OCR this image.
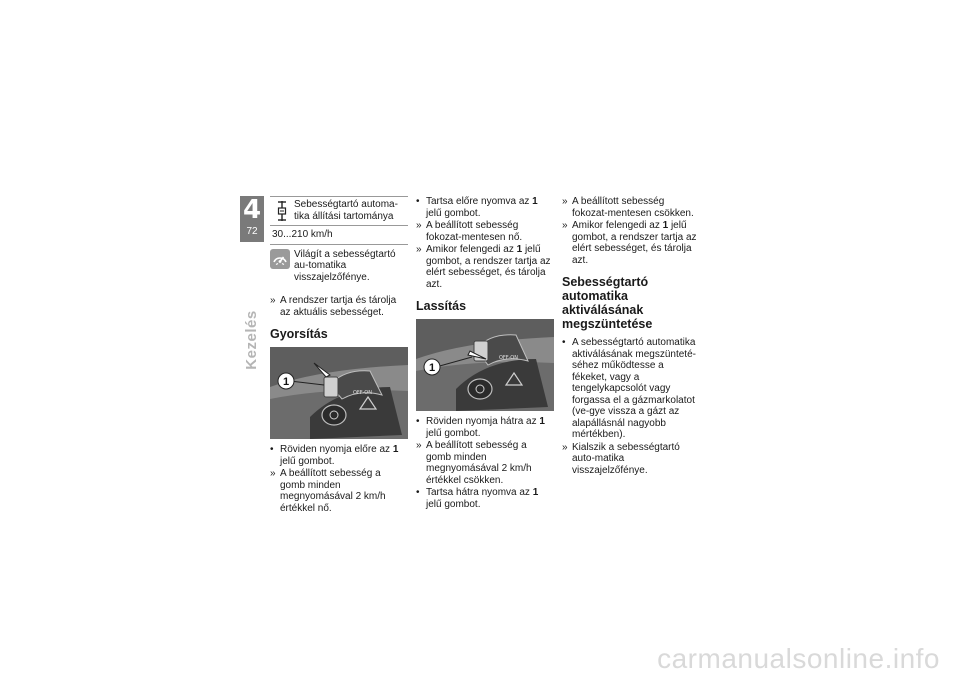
4
72
Kezelés
Sebességtartó automa-tika állítási tartománya
30...210 km/h
Világít a sebességtartó au-tomatika visszajelzőfénye.
» A rendszer tartja és tárolja az aktuális sebességet.
Gyorsítás
OFF·ON
1
• Röviden nyomja előre az 1 jelű gombot.
» A beállított sebesség a gomb minden megnyomásával 2 km/h értékkel nő.
• Tartsa előre nyomva az 1 jelű gombot.
» A beállított sebesség fokozat-mentesen nő.
» Amikor felengedi az 1 jelű gombot, a rendszer tartja az elért sebességet, és tárolja azt.
Lassítás
OFF·ON
1
• Röviden nyomja hátra az 1 jelű gombot.
» A beállított sebesség a gomb minden megnyomásával 2 km/h értékkel csökken.
• Tartsa hátra nyomva az 1 jelű gombot.
» A beállított sebesség fokozat-mentesen csökken.
» Amikor felengedi az 1 jelű gombot, a rendszer tartja az elért sebességet, és tárolja azt.
Sebességtartó automatika aktiválásának megszüntetése
• A sebességtartó automatika aktiválásának megszünteté-séhez működtesse a fékeket, vagy a tengelykapcsolót vagy forgassa el a gázmarkolatot (ve-gye vissza a gázt az alapállásnál nagyobb mértékben).
» Kialszik a sebességtartó auto-matika visszajelzőfénye.
carmanualsonline.info
